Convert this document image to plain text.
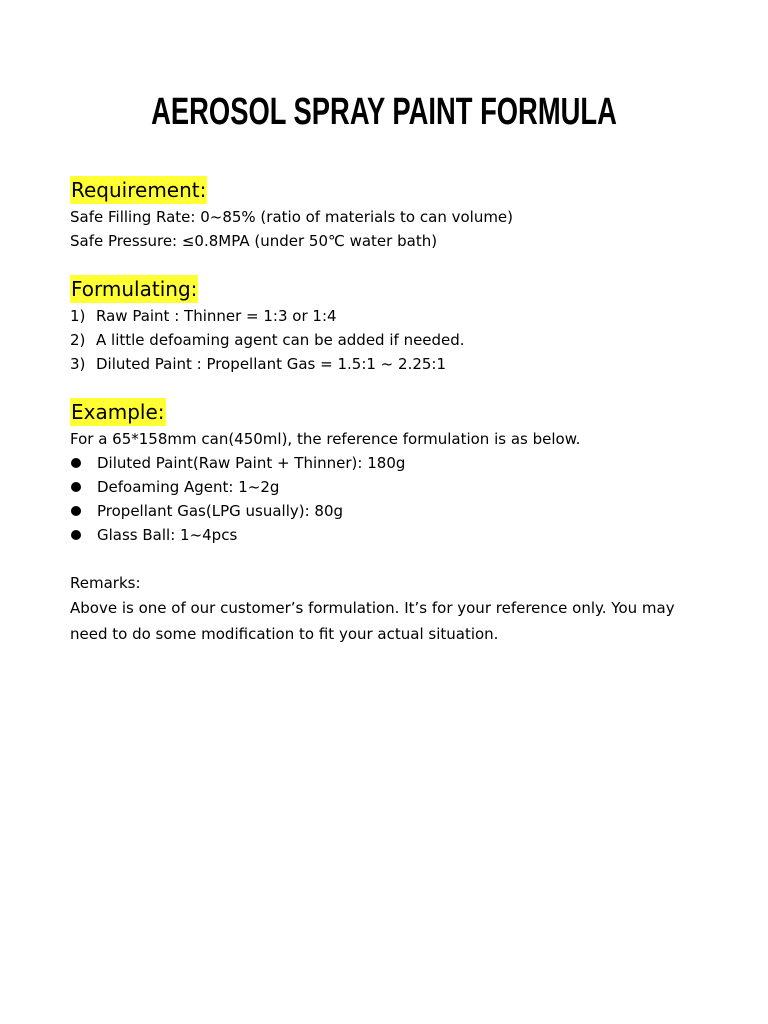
AEROSOL SPRAY PAINT FORMULA
Requirement:

Safe Filling Rate: 0~85% (ratio of materials to can volume)

Safe Pressure: ≤0.8MPA (under 50℃ water bath)

Formulating:
1) Raw Paint : Thinner = 1:3 or 1:4
2) A little defoaming agent can be added if needed.
3) Diluted Paint : Propellant Gas = 1.5:1 ~ 2.25:1
Example:

For a 65*158mm can(450ml), the reference formulation is as below.

Diluted Paint(Raw Paint + Thinner): 180g
Defoaming Agent: 1~2g
Propellant Gas(LPG usually): 80g
Glass Ball: 1~4pcs

Remarks:

Above is one of our customer’s formulation. It’s for your reference only. You may need to do some modification to fit your actual situation.
